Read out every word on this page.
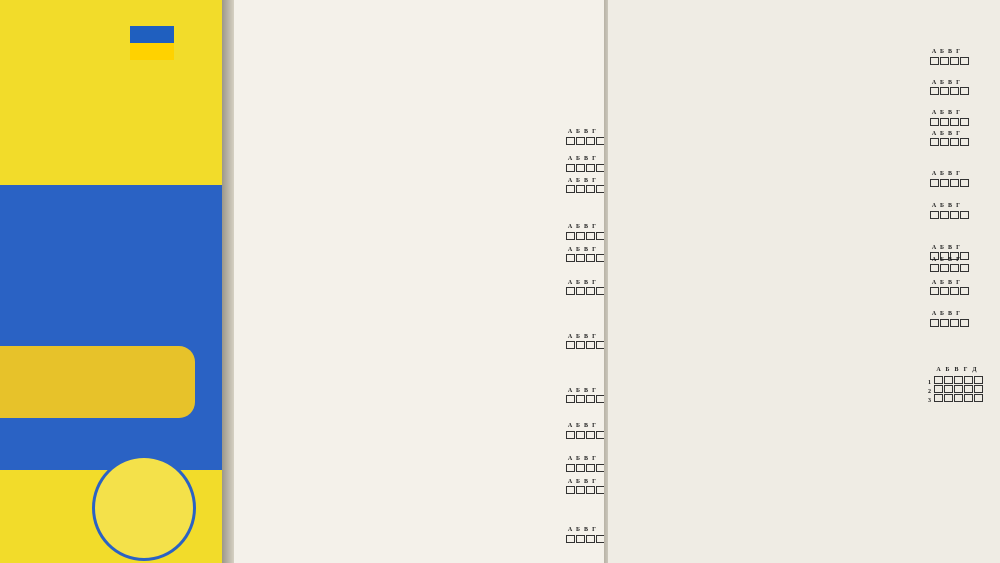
А Б В Г
А Б В Г
А Б В Г
А Б В Г
А Б В Г
А Б В Г
А Б В Г
А Б В Г
А Б В Г
А Б В Г
А Б В Г
А Б В Г
А Б В Г
А Б В Г
А Б В Г
А Б В Г
А Б В Г
А Б В Г
А Б В Г
А Б В Г
А Б В Г
А Б В Г
А Б В Г Д
1
2
3
